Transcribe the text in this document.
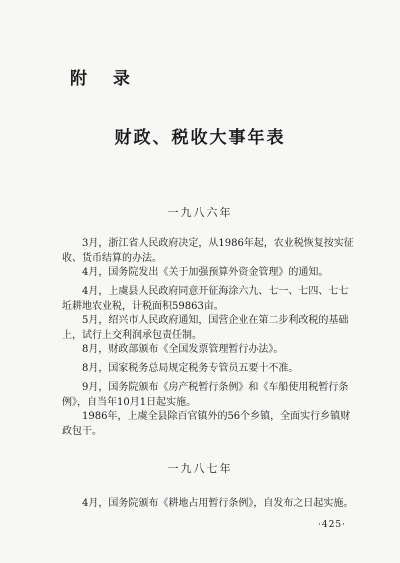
附 录
财政、税收大事年表
一九八六年

3月，浙江省人民政府决定，从1986年起，农业税恢复按实征收、货币结算的办法。

4月，国务院发出《关于加强预算外资金管理》的通知。

4月，上虞县人民政府同意开征海涂六九、七一、七四、七七坵耕地农业税，计税面积59863亩。

5月，绍兴市人民政府通知，国营企业在第二步利改税的基础上，试行上交利润承包责任制。

8月，财政部颁布《全国发票管理暂行办法》。

8月，国家税务总局规定税务专管员五要十不准。

9月，国务院颁布《房产税暂行条例》和《车船使用税暂行条例》，自当年10月1日起实施。

1986年，上虞全县除百官镇外的56个乡镇，全面实行乡镇财政包干。

一九八七年

4月，国务院颁布《耕地占用暂行条例》，自发布之日起实施。

·425·
